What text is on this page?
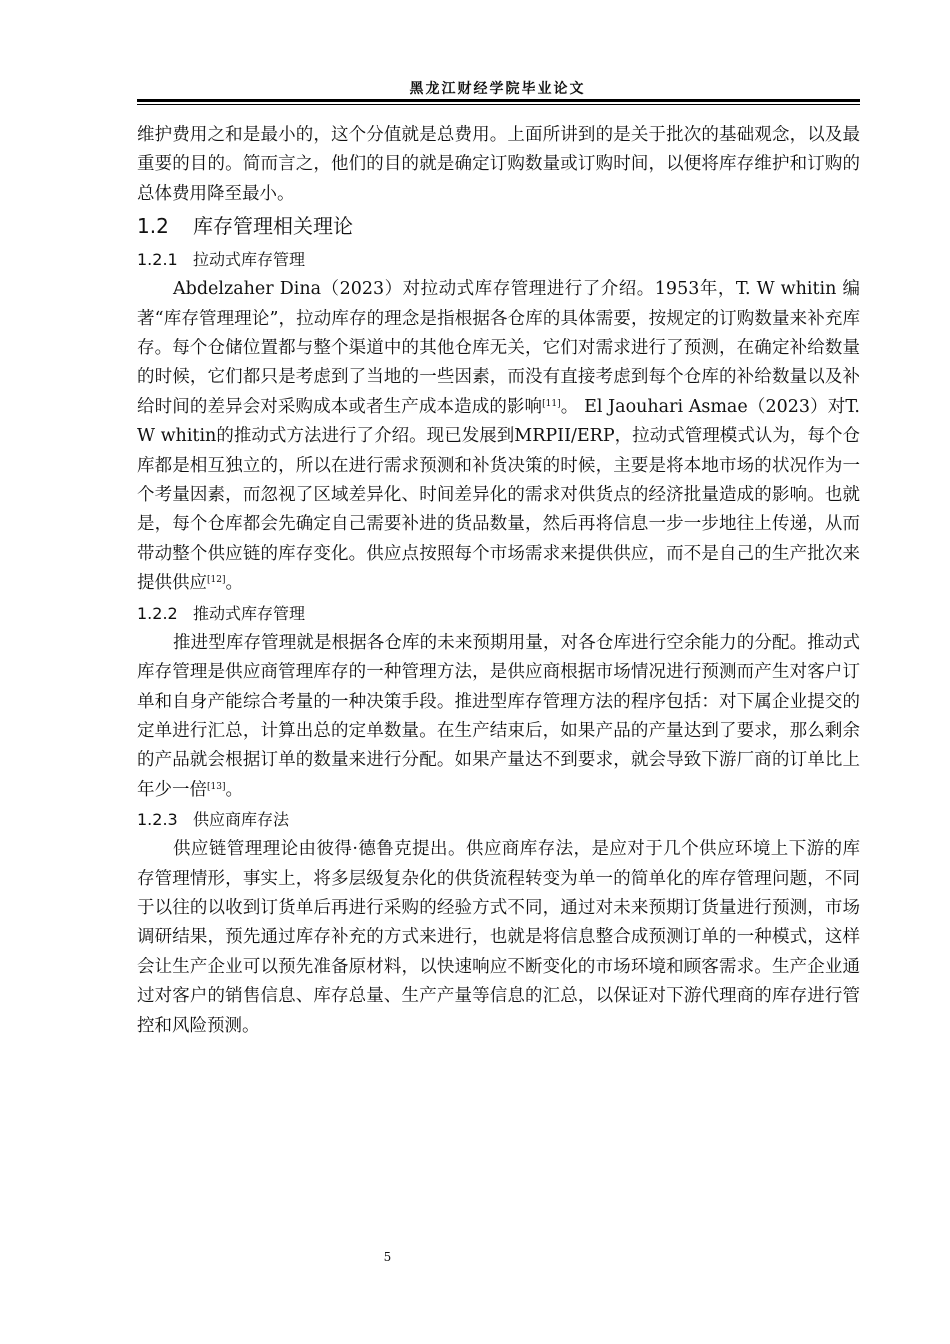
黑龙江财经学院毕业论文

维护费用之和是最小的，这个分值就是总费用。上面所讲到的是关于批次的基础观念，以及最重要的目的。简而言之，他们的目的就是确定订购数量或订购时间，以便将库存维护和订购的总体费用降至最小。

1.2 库存管理相关理论
1.2.1 拉动式库存管理

Abdelzaher Dina（2023）对拉动式库存管理进行了介绍。1953年，T. W whitin 编著“库存管理理论”，拉动库存的理念是指根据各仓库的具体需要，按规定的订购数量来补充库存。每个仓储位置都与整个渠道中的其他仓库无关，它们对需求进行了预测，在确定补给数量的时候，它们都只是考虑到了当地的一些因素，而没有直接考虑到每个仓库的补给数量以及补给时间的差异会对采购成本或者生产成本造成的影响[11]。 El Jaouhari Asmae（2023）对T. W whitin的推动式方法进行了介绍。现已发展到MRPII/ERP，拉动式管理模式认为，每个仓库都是相互独立的，所以在进行需求预测和补货决策的时候，主要是将本地市场的状况作为一个考量因素，而忽视了区域差异化、时间差异化的需求对供货点的经济批量造成的影响。也就是，每个仓库都会先确定自己需要补进的货品数量，然后再将信息一步一步地往上传递，从而带动整个供应链的库存变化。供应点按照每个市场需求来提供供应，而不是自己的生产批次来提供供应[12]。

1.2.2 推动式库存管理

推进型库存管理就是根据各仓库的未来预期用量，对各仓库进行空余能力的分配。推动式库存管理是供应商管理库存的一种管理方法，是供应商根据市场情况进行预测而产生对客户订单和自身产能综合考量的一种决策手段。推进型库存管理方法的程序包括：对下属企业提交的定单进行汇总，计算出总的定单数量。在生产结束后，如果产品的产量达到了要求，那么剩余的产品就会根据订单的数量来进行分配。如果产量达不到要求，就会导致下游厂商的订单比上年少一倍[13]。

1.2.3 供应商库存法

供应链管理理论由彼得·德鲁克提出。供应商库存法，是应对于几个供应环境上下游的库存管理情形，事实上，将多层级复杂化的供货流程转变为单一的简单化的库存管理问题，不同于以往的以收到订货单后再进行采购的经验方式不同，通过对未来预期订货量进行预测，市场调研结果，预先通过库存补充的方式来进行，也就是将信息整合成预测订单的一种模式，这样会让生产企业可以预先准备原材料，以快速响应不断变化的市场环境和顾客需求。生产企业通过对客户的销售信息、库存总量、生产产量等信息的汇总，以保证对下游代理商的库存进行管控和风险预测。

5
